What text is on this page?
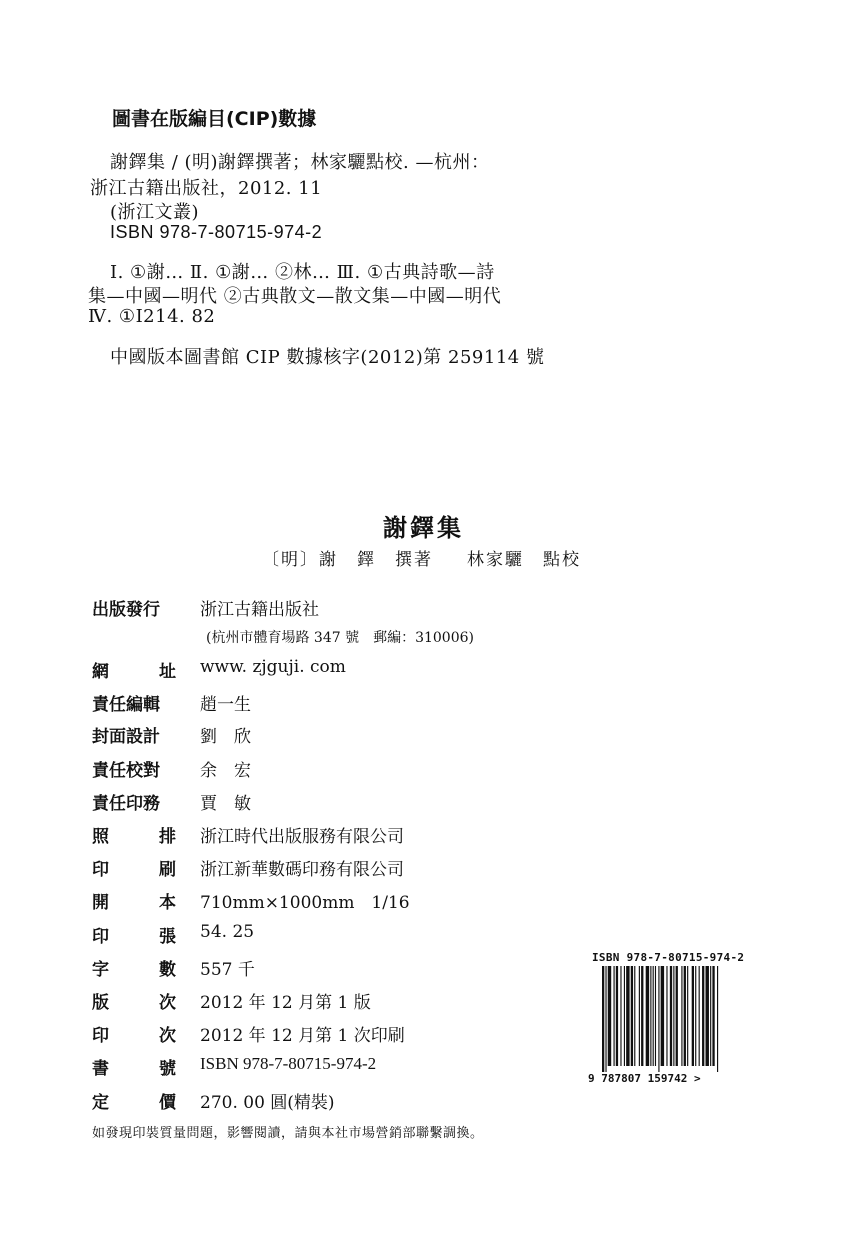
圖書在版編目(CIP)數據
謝鐸集 / (明)謝鐸撰著；林家驪點校. —杭州：
浙江古籍出版社，2012. 11
(浙江文叢)
ISBN 978-7-80715-974-2
Ⅰ. ①謝… Ⅱ. ①謝… ②林… Ⅲ. ①古典詩歌—詩
集—中國—明代 ②古典散文—散文集—中國—明代
Ⅳ. ①I214. 82
中國版本圖書館 CIP 數據核字(2012)第 259114 號
謝鐸集
〔明〕謝　鐸　撰著 林家驪　點校
出版發行 浙江古籍出版社
(杭州市體育場路 347 號　郵編：310006)
網	址 www. zjguji. com
責任編輯 趙一生
封面設計 劉　欣
責任校對 余　宏
責任印務 賈　敏
照	排 浙江時代出版服務有限公司
印	刷 浙江新華數碼印務有限公司
開	本 710mm×1000mm　1/16
印	張 54. 25
字	數 557 千
版	次 2012 年 12 月第 1 版
印	次 2012 年 12 月第 1 次印刷
書	號 ISBN 978-7-80715-974-2
定	價 270. 00 圓(精裝)
ISBN 978-7-80715-974-2
9 787807 159742 >
如發現印裝質量問題，影響閱讀，請與本社市場營銷部聯繫調換。
